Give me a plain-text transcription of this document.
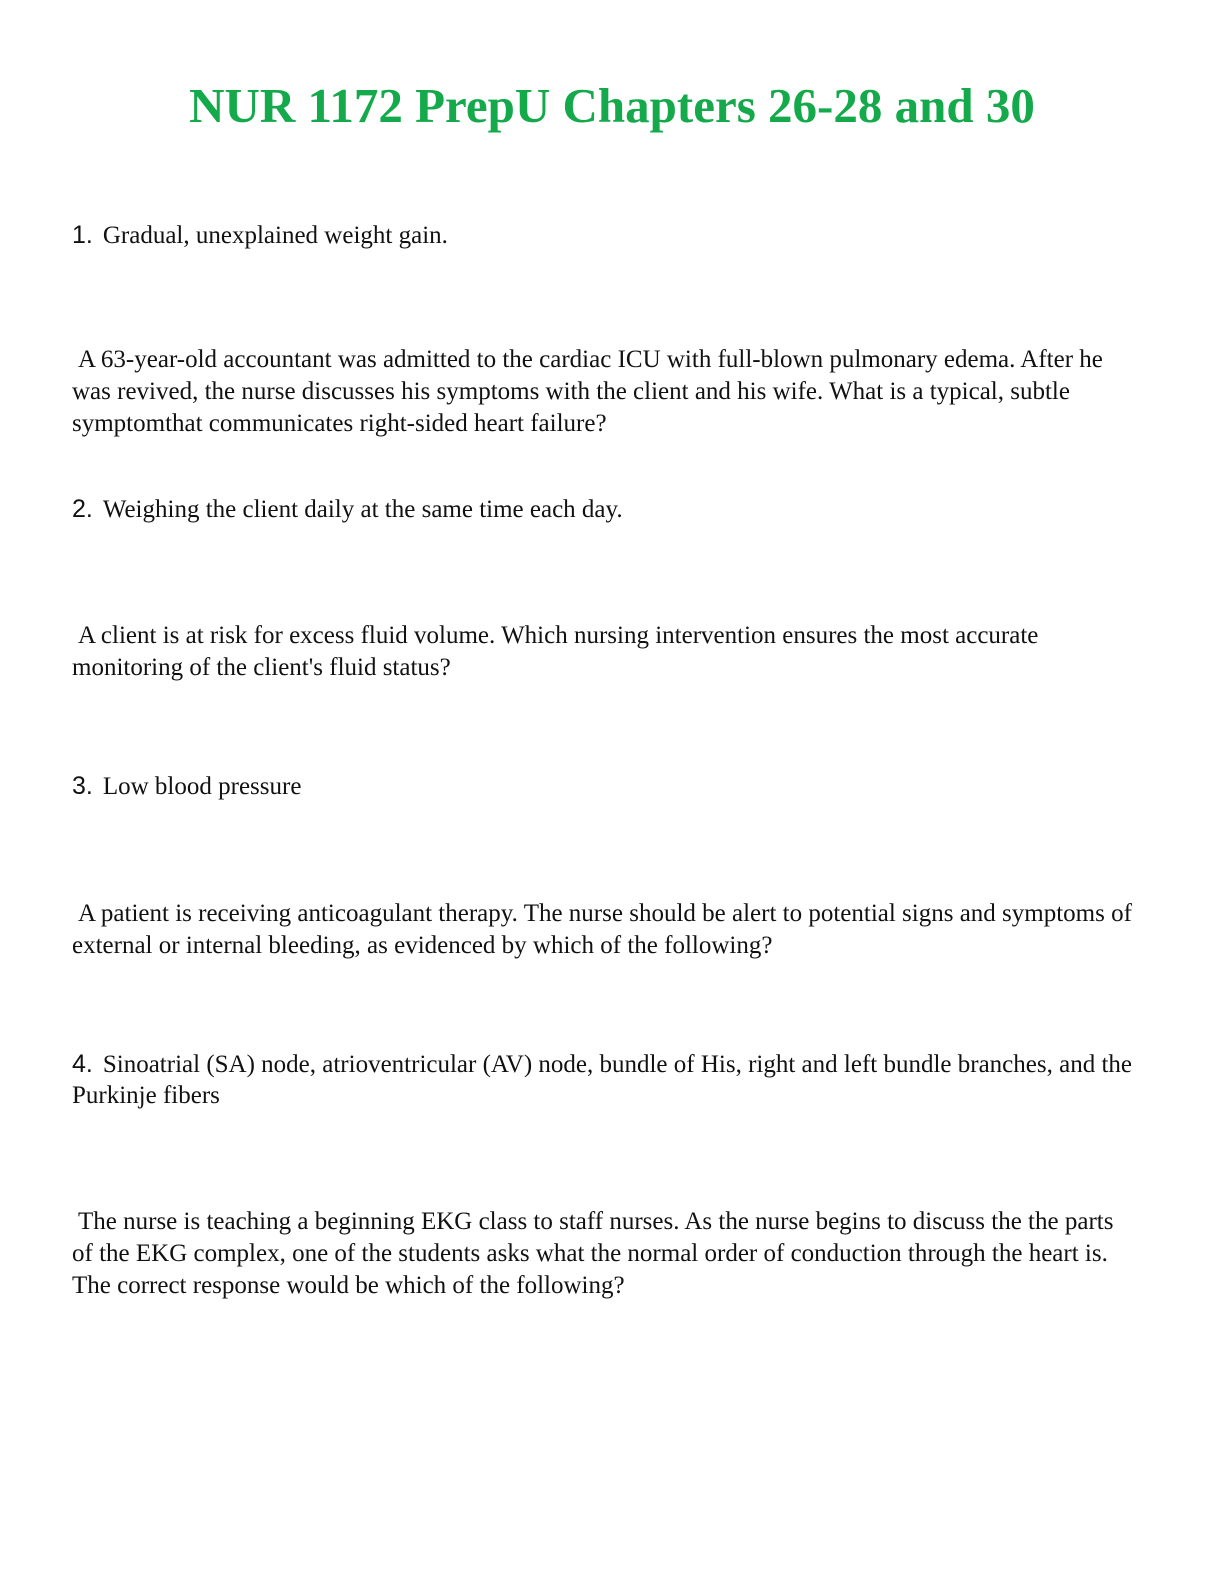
NUR 1172 PrepU Chapters 26-28 and 30

1. Gradual, unexplained weight gain.

A 63-year-old accountant was admitted to the cardiac ICU with full-blown pulmonary edema. After he was revived, the nurse discusses his symptoms with the client and his wife. What is a typical, subtle symptomthat communicates right-sided heart failure?

2. Weighing the client daily at the same time each day.

A client is at risk for excess fluid volume. Which nursing intervention ensures the most accurate monitoring of the client's fluid status?

3. Low blood pressure

A patient is receiving anticoagulant therapy. The nurse should be alert to potential signs and symptoms of external or internal bleeding, as evidenced by which of the following?

4. Sinoatrial (SA) node, atrioventricular (AV) node, bundle of His, right and left bundle branches, and the Purkinje fibers

The nurse is teaching a beginning EKG class to staff nurses. As the nurse begins to discuss the the parts of the EKG complex, one of the students asks what the normal order of conduction through the heart is. The correct response would be which of the following?
